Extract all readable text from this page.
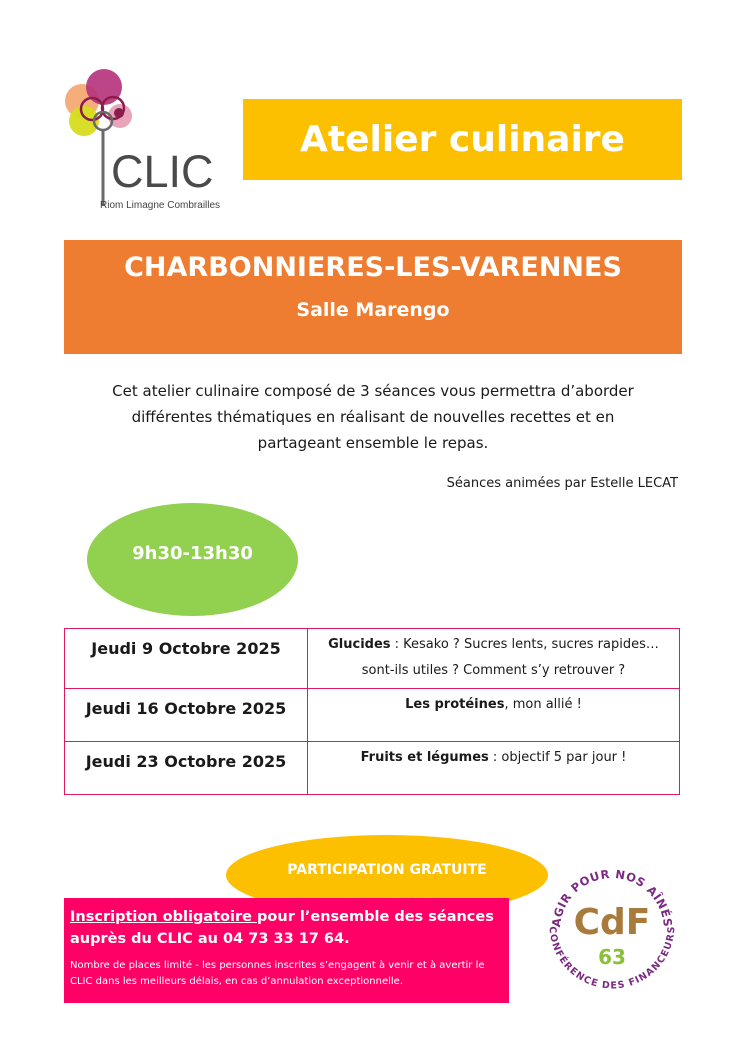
CLIC
Riom Limagne Combrailles
Atelier culinaire
CHARBONNIERES-LES-VARENNES
Salle Marengo

Cet atelier culinaire composé de 3 séances vous permettra d’aborder différentes thématiques en réalisant de nouvelles recettes et en partageant ensemble le repas.

Séances animées par Estelle LECAT

9h30-13h30
Jeudi 9 Octobre 2025	Glucides : Kesako ? Sucres lents, sucres rapides… sont-ils utiles ? Comment s’y retrouver ?
Jeudi 16 Octobre 2025	Les protéines, mon allié !
Jeudi 23 Octobre 2025	Fruits et légumes : objectif 5 par jour !
PARTICIPATION GRATUITE

Inscription obligatoire pour l’ensemble des séances auprès du CLIC au 04 73 33 17 64.

Nombre de places limité - les personnes inscrites s’engagent à venir et à avertir le CLIC dans les meilleurs délais, en cas d’annulation exceptionnelle.

AGIR POUR NOS AÎNÉS
CONFÉRENCE DES FINANCEURS
CdF
63
